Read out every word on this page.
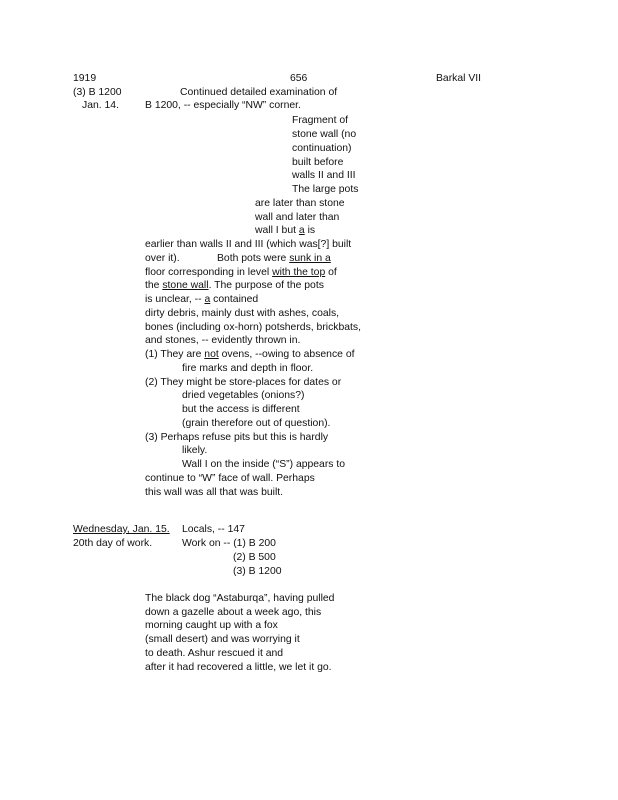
1919	656	Barkal VII
(3) B 1200	Continued detailed examination of
Jan. 14.	B 1200, -- especially “NW” corner.
Fragment of
stone wall (no
continuation)
built before
walls II and III
The large pots
are later than stone
wall and later than
wall I but a is
earlier than walls II and III (which was[?] built
over it).	Both pots were sunk in a
floor corresponding in level with the top of
the stone wall. The purpose of the pots
is unclear, -- a contained
dirty debris, mainly dust with ashes, coals,
bones (including ox-horn) potsherds, brickbats,
and stones, -- evidently thrown in.
(1) They are not ovens, --owing to absence of
fire marks and depth in floor.
(2) They might be store-places for dates or
dried vegetables (onions?)
but the access is different
(grain therefore out of question).
(3) Perhaps refuse pits but this is hardly
likely.
Wall I on the inside (“S”) appears to
continue to “W” face of wall. Perhaps
this wall was all that was built.
Wednesday, Jan. 15. Locals, -- 147
20th day of work.	Work on -- (1) B 200
(2) B 500
(3) B 1200
The black dog “Astaburqa”, having pulled
down a gazelle about a week ago, this
morning caught up with a fox
(small desert) and was worrying it
to death. Ashur rescued it and
after it had recovered a little, we let it go.
